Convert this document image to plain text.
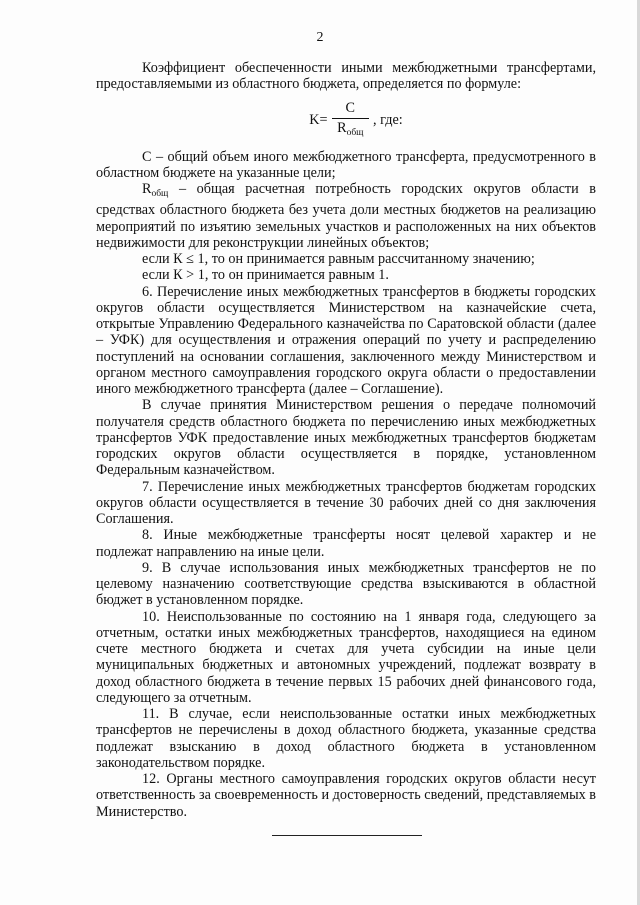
2

Коэффициент обеспеченности иными межбюджетными трансфертами, предоставляемыми из областного бюджета, определяется по формуле:

$K= \frac{C}{R_{общ}}$ , где:

С – общий объем иного межбюджетного трансферта, предусмотренного в областном бюджете на указанные цели;

$R_{общ}$ – общая расчетная потребность городских округов области в средствах областного бюджета без учета доли местных бюджетов на реализацию мероприятий по изъятию земельных участков и расположенных на них объектов недвижимости для реконструкции линейных объектов;

если К ≤ 1, то он принимается равным рассчитанному значению;

если К > 1, то он принимается равным 1.

6. Перечисление иных межбюджетных трансфертов в бюджеты городских округов области осуществляется Министерством на казначейские счета, открытые Управлению Федерального казначейства по Саратовской области (далее – УФК) для осуществления и отражения операций по учету и распределению поступлений на основании соглашения, заключенного между Министерством и органом местного самоуправления городского округа области о предоставлении иного межбюджетного трансферта (далее – Соглашение).

В случае принятия Министерством решения о передаче полномочий получателя средств областного бюджета по перечислению иных межбюджетных трансфертов УФК предоставление иных межбюджетных трансфертов бюджетам городских округов области осуществляется в порядке, установленном Федеральным казначейством.

7. Перечисление иных межбюджетных трансфертов бюджетам городских округов области осуществляется в течение 30 рабочих дней со дня заключения Соглашения.

8. Иные межбюджетные трансферты носят целевой характер и не подлежат направлению на иные цели.

9. В случае использования иных межбюджетных трансфертов не по целевому назначению соответствующие средства взыскиваются в областной бюджет в установленном порядке.

10. Неиспользованные по состоянию на 1 января года, следующего за отчетным, остатки иных межбюджетных трансфертов, находящиеся на едином счете местного бюджета и счетах для учета субсидии на иные цели муниципальных бюджетных и автономных учреждений, подлежат возврату в доход областного бюджета в течение первых 15 рабочих дней финансового года, следующего за отчетным.

11. В случае, если неиспользованные остатки иных межбюджетных трансфертов не перечислены в доход областного бюджета, указанные средства подлежат взысканию в доход областного бюджета в установленном законодательством порядке.

12. Органы местного самоуправления городских округов области несут ответственность за своевременность и достоверность сведений, представляемых в Министерство.
